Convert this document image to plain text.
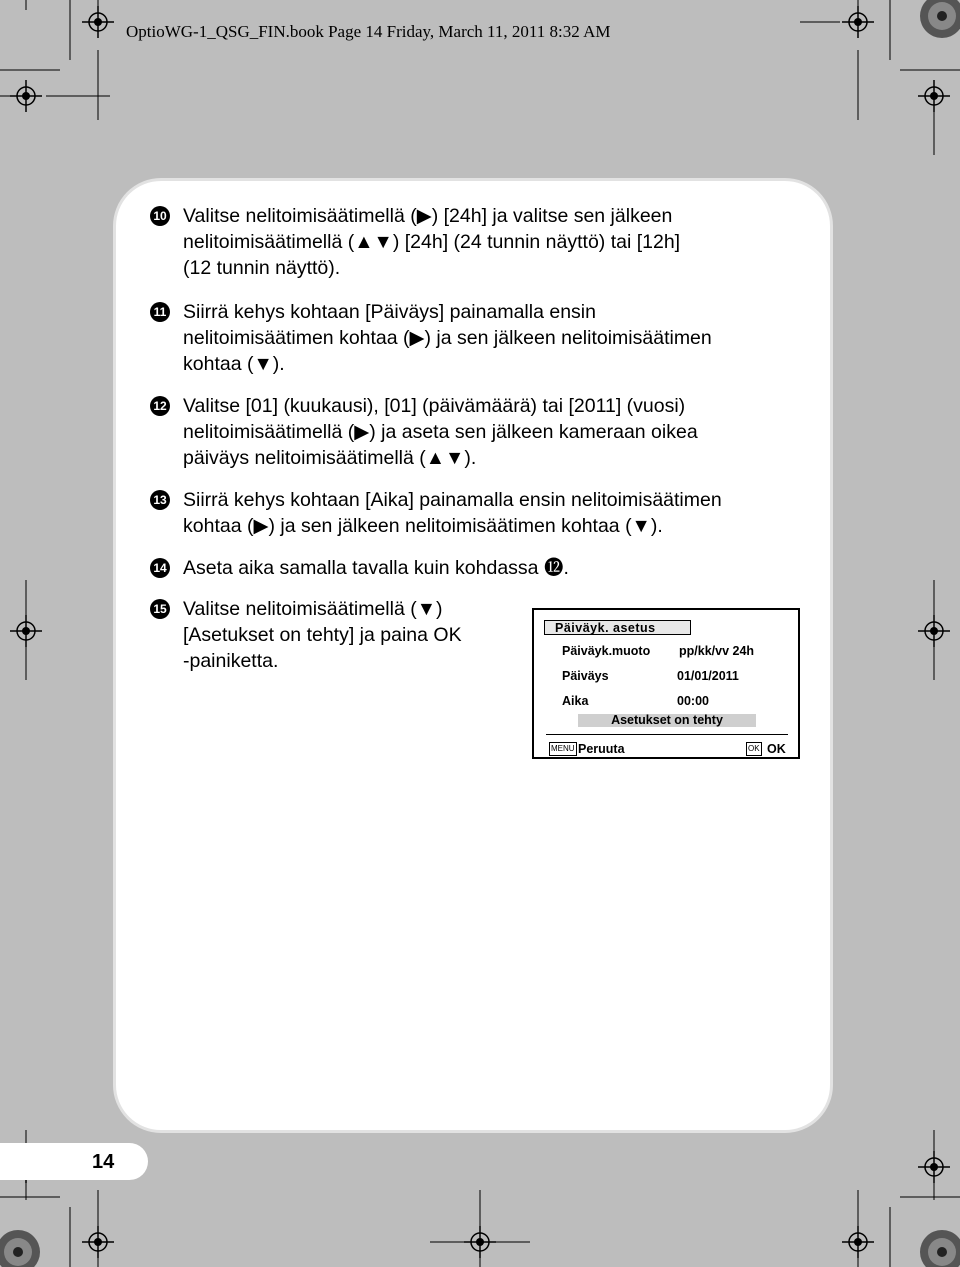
OptioWG-1_QSG_FIN.book Page 14 Friday, March 11, 2011 8:32 AM
10 Valitse nelitoimisäätimellä (▶) [24h] ja valitse sen jälkeen
nelitoimisäätimellä (▲▼) [24h] (24 tunnin näyttö) tai [12h]
(12 tunnin näyttö).
11 Siirrä kehys kohtaan [Päiväys] painamalla ensin
nelitoimisäätimen kohtaa (▶) ja sen jälkeen nelitoimisäätimen
kohtaa (▼).
12 Valitse [01] (kuukausi), [01] (päivämäärä) tai [2011] (vuosi)
nelitoimisäätimellä (▶) ja aseta sen jälkeen kameraan oikea
päiväys nelitoimisäätimellä (▲▼).
13 Siirrä kehys kohtaan [Aika] painamalla ensin nelitoimisäätimen
kohtaa (▶) ja sen jälkeen nelitoimisäätimen kohtaa (▼).
14 Aseta aika samalla tavalla kuin kohdassa ⓬.
15 Valitse nelitoimisäätimellä (▼)
[Asetukset on tehty] ja paina OK
-painiketta.
Päiväyk. asetus
Päiväyk.muoto pp/kk/vv 24h
Päiväys	01/01/2011
Aika	00:00
Asetukset on tehty
MENU Peruuta	OK OK
14
